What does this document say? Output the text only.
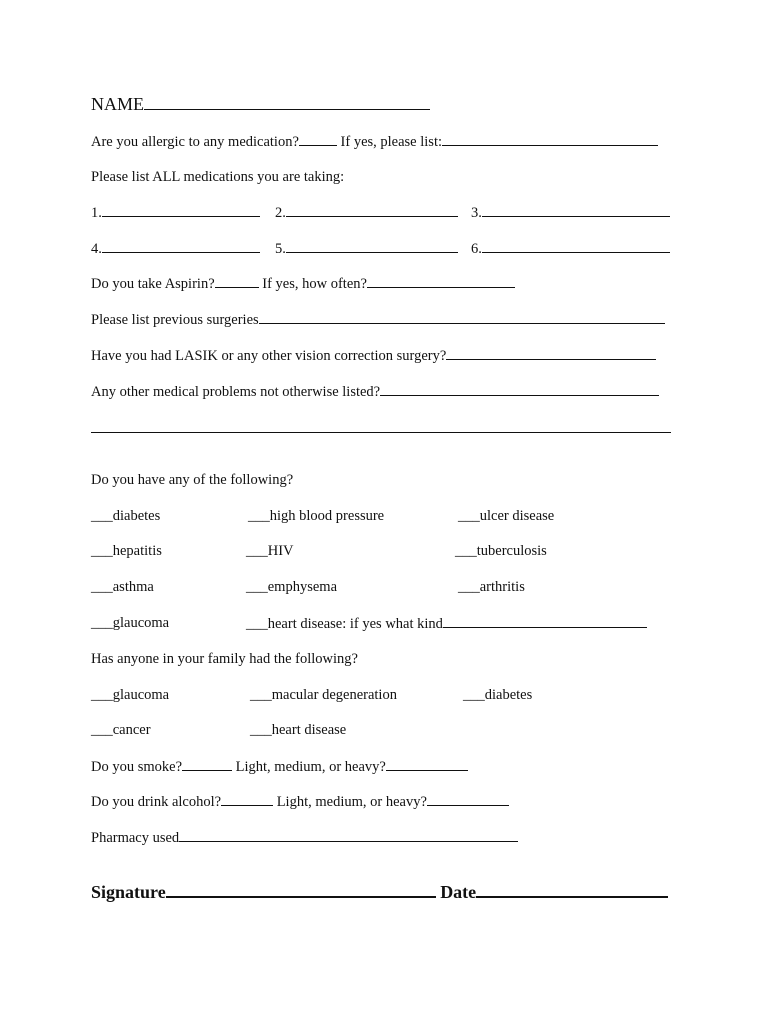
NAME
Are you allergic to any medication?	If yes, please list:
Please list ALL medications you are taking:
1.	2.	3.
4.	5.	6.
Do you take Aspirin?	If yes, how often?
Please list previous surgeries
Have you had LASIK or any other vision correction surgery?
Any other medical problems not otherwise listed?
Do you have any of the following?
___diabetes	___high blood pressure	___ulcer disease
___hepatitis	___HIV	___tuberculosis
___asthma	___emphysema	___arthritis
___glaucoma	___heart disease: if yes what kind
Has anyone in your family had the following?
___glaucoma	___macular degeneration	___diabetes
___cancer	___heart disease
Do you smoke?	Light, medium, or heavy?
Do you drink alcohol?	Light, medium, or heavy?
Pharmacy used
Signature	Date
